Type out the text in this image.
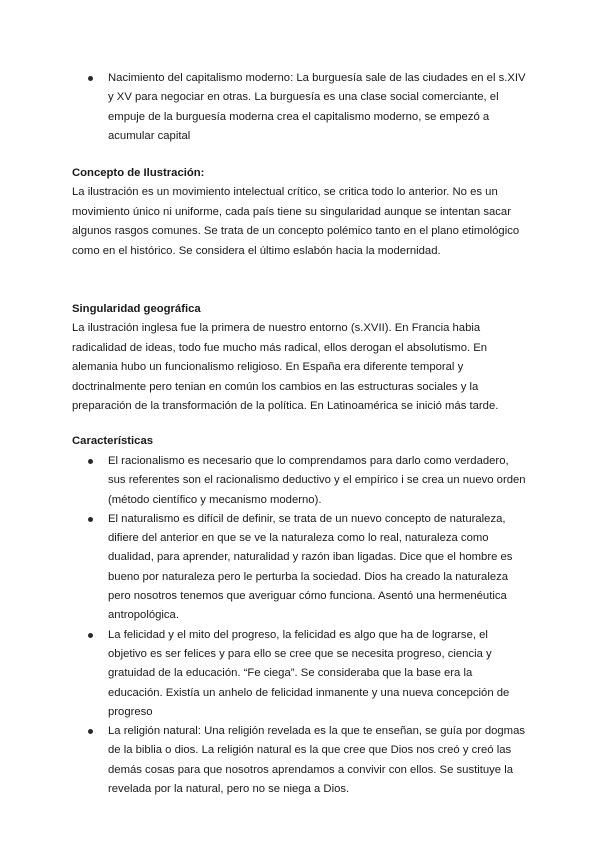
Nacimiento del capitalismo moderno: La burguesía sale de las ciudades en el s.XIV y XV para negociar en otras. La burguesía es una clase social comerciante, el empuje de la burguesía moderna crea el capitalismo moderno, se empezó a acumular capital
Concepto de Ilustración:
La ilustración es un movimiento intelectual crítico, se critica todo lo anterior. No es un movimiento único ni uniforme, cada país tiene su singularidad aunque se intentan sacar algunos rasgos comunes. Se trata de un concepto polémico tanto en el plano etimológico como en el histórico. Se considera el último eslabón hacia la modernidad.
Singularidad geográfica
La ilustración inglesa fue la primera de nuestro entorno (s.XVII). En Francia habia radicalidad de ideas, todo fue mucho más radical, ellos derogan el absolutismo. En alemania hubo un funcionalismo religioso. En España era diferente temporal y doctrinalmente pero tenian en común los cambios en las estructuras sociales y la preparación de la transformación de la política. En Latinoamérica se inició más tarde.
Características
El racionalismo es necesario que lo comprendamos para darlo como verdadero, sus referentes son el racionalismo deductivo y el empírico i se crea un nuevo orden (método científico y mecanismo moderno).
El naturalismo es difícil de definir, se trata de un nuevo concepto de naturaleza, difiere del anterior en que se ve la naturaleza como lo real, naturaleza como dualidad, para aprender, naturalidad y razón iban ligadas. Dice que el hombre es bueno por naturaleza pero le perturba la sociedad. Dios ha creado la naturaleza pero nosotros tenemos que averiguar cómo funciona. Asentó una hermenéutica antropológica.
La felicidad y el mito del progreso, la felicidad es algo que ha de lograrse, el objetivo es ser felices y para ello se cree que se necesita progreso, ciencia y gratuidad de la educación. “Fe ciega”. Se consideraba que la base era la educación. Existía un anhelo de felicidad inmanente y una nueva concepción de progreso
La religión natural: Una religión revelada es la que te enseñan, se guía por dogmas de la biblia o dios. La religión natural es la que cree que Dios nos creó y creó las demás cosas para que nosotros aprendamos a convivir con ellos. Se sustituye la revelada por la natural, pero no se niega a Dios.
